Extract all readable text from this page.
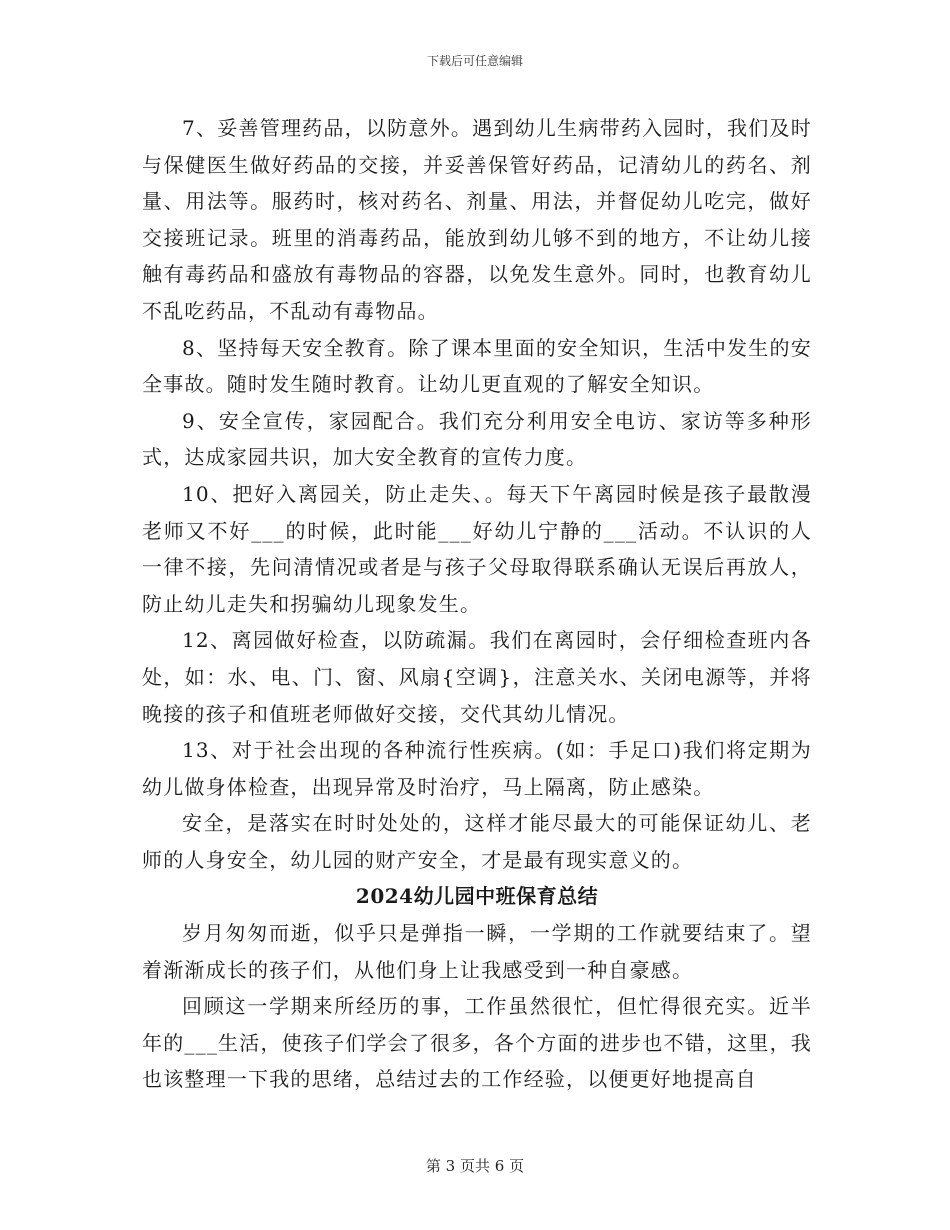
下载后可任意编辑

7、妥善管理药品，以防意外。遇到幼儿生病带药入园时，我们及时与保健医生做好药品的交接，并妥善保管好药品，记清幼儿的药名、剂量、用法等。服药时，核对药名、剂量、用法，并督促幼儿吃完，做好交接班记录。班里的消毒药品，能放到幼儿够不到的地方，不让幼儿接触有毒药品和盛放有毒物品的容器，以免发生意外。同时，也教育幼儿不乱吃药品，不乱动有毒物品。

8、坚持每天安全教育。除了课本里面的安全知识，生活中发生的安全事故。随时发生随时教育。让幼儿更直观的了解安全知识。

9、安全宣传，家园配合。我们充分利用安全电访、家访等多种形式，达成家园共识，加大安全教育的宣传力度。

10、把好入离园关，防止走失、。每天下午离园时候是孩子最散漫老师又不好___的时候，此时能___好幼儿宁静的___活动。不认识的人一律不接，先问清情况或者是与孩子父母取得联系确认无误后再放人，防止幼儿走失和拐骗幼儿现象发生。

12、离园做好检查，以防疏漏。我们在离园时，会仔细检查班内各处，如：水、电、门、窗、风扇{空调}，注意关水、关闭电源等，并将晚接的孩子和值班老师做好交接，交代其幼儿情况。

13、对于社会出现的各种流行性疾病。(如：手足口)我们将定期为幼儿做身体检查，出现异常及时治疗，马上隔离，防止感染。

安全，是落实在时时处处的，这样才能尽最大的可能保证幼儿、老师的人身安全，幼儿园的财产安全，才是最有现实意义的。

2024幼儿园中班保育总结

岁月匆匆而逝，似乎只是弹指一瞬，一学期的工作就要结束了。望着渐渐成长的孩子们，从他们身上让我感受到一种自豪感。

回顾这一学期来所经历的事，工作虽然很忙，但忙得很充实。近半年的___生活，使孩子们学会了很多，各个方面的进步也不错，这里，我也该整理一下我的思绪，总结过去的工作经验，以便更好地提高自

第 3 页共 6 页
